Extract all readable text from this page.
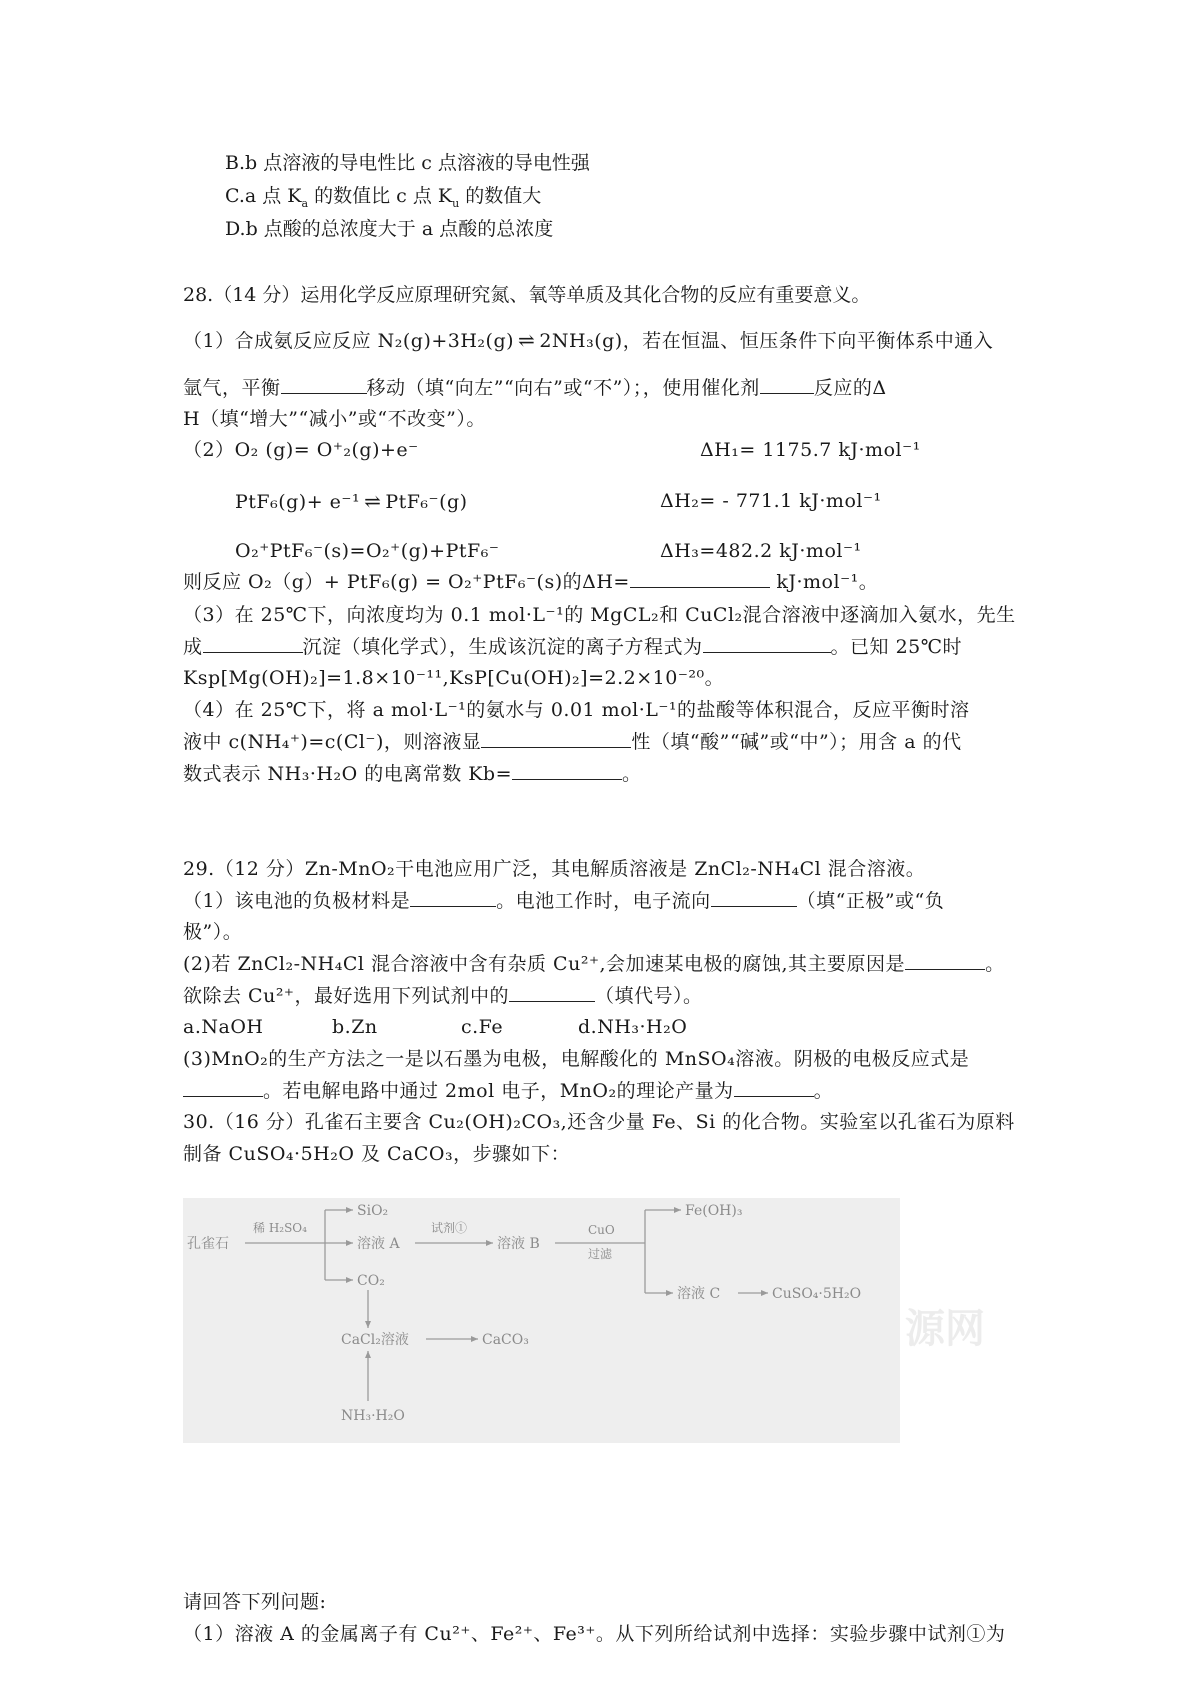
B.b 点溶液的导电性比 c 点溶液的导电性强
C.a 点 $K_a$ 的数值比 c 点 $K_u$ 的数值大
D.b 点酸的总浓度大于 a 点酸的总浓度
28.（14 分）运用化学反应原理研究氮、氧等单质及其化合物的反应有重要意义。
（1）合成氨反应反应 N₂(g)+3H₂(g) ⇌ 2NH₃(g)，若在恒温、恒压条件下向平衡体系中通入
氩气，平衡	移动（填“向左”“向右”或“不”）；，使用催化剂	反应的Δ
H（填“增大”“减小”或“不改变”）。
（2）O₂ (g)= O⁺₂(g)+e⁻	ΔH₁= 1175.7 kJ·mol⁻¹
PtF₆(g)+ e⁻¹ ⇌ PtF₆⁻(g)	ΔH₂= - 771.1 kJ·mol⁻¹
O₂⁺PtF₆⁻(s)=O₂⁺(g)+PtF₆⁻	ΔH₃=482.2 kJ·mol⁻¹
则反应 O₂（g）+ PtF₆(g) = O₂⁺PtF₆⁻(s)的ΔH=	kJ·mol⁻¹。
（3）在 25℃下，向浓度均为 0.1 mol·L⁻¹的 MgCL₂和 CuCl₂混合溶液中逐滴加入氨水，先生
成	沉淀（填化学式），生成该沉淀的离子方程式为	。已知 25℃时
Ksp[Mg(OH)₂]=1.8×10⁻¹¹,KsP[Cu(OH)₂]=2.2×10⁻²⁰。
（4）在 25℃下，将 a mol·L⁻¹的氨水与 0.01 mol·L⁻¹的盐酸等体积混合，反应平衡时溶
液中 c(NH₄⁺)=c(Cl⁻)，则溶液显	性（填“酸”“碱”或“中”）；用含 a 的代
数式表示 NH₃·H₂O 的电离常数 Kb=	。
29.（12 分）Zn-MnO₂干电池应用广泛，其电解质溶液是 ZnCl₂-NH₄Cl 混合溶液。
（1）该电池的负极材料是	。电池工作时，电子流向	（填“正极”或“负
极”）。
(2)若 ZnCl₂-NH₄Cl 混合溶液中含有杂质 Cu²⁺,会加速某电极的腐蚀,其主要原因是	。
欲除去 Cu²⁺，最好选用下列试剂中的	（填代号）。
a.NaOH	b.Zn	c.Fe	d.NH₃·H₂O
(3)MnO₂的生产方法之一是以石墨为电极，电解酸化的 MnSO₄溶液。阴极的电极反应式是
。若电解电路中通过 2mol 电子，MnO₂的理论产量为	。
30.（16 分）孔雀石主要含 Cu₂(OH)₂CO₃,还含少量 Fe、Si 的化合物。实验室以孔雀石为原料
制备 CuSO₄·5H₂O 及 CaCO₃，步骤如下：
孔雀石
稀 H₂SO₄
SiO₂
溶液 A
试剂①
溶液 B
CuO
过滤
Fe(OH)₃
溶液 C	CuSO₄·5H₂O
CO₂
CaCl₂溶液	CaCO₃
NH₃·H₂O
源网
请回答下列问题:
（1）溶液 A 的金属离子有 Cu²⁺、Fe²⁺、Fe³⁺。从下列所给试剂中选择：实验步骤中试剂①为
